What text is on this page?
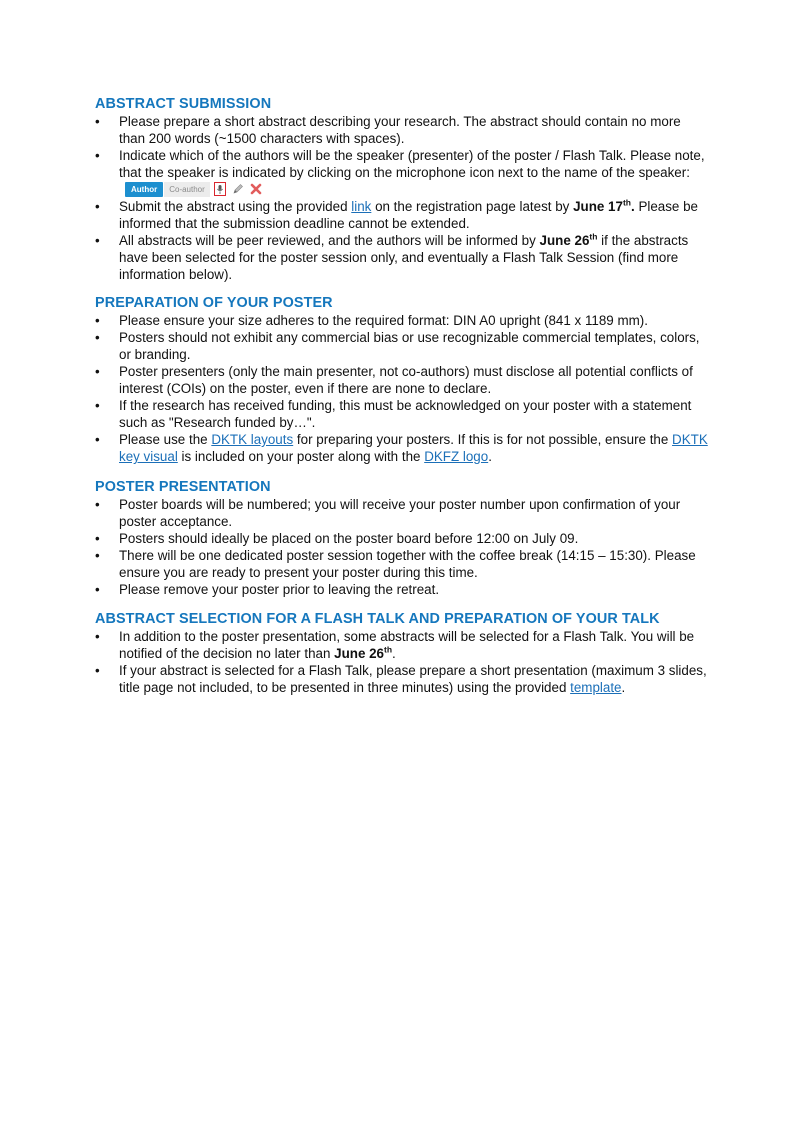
ABSTRACT SUBMISSION
•	Please prepare a short abstract describing your research. The abstract should contain no more than 200 words (~1500 characters with spaces).
•	Indicate which of the authors will be the speaker (presenter) of the poster / Flash Talk. Please note, that the speaker is indicated by clicking on the microphone icon next to the name of the speaker:
Author	Co-author
•	Submit the abstract using the provided link on the registration page latest by June 17th. Please be informed that the submission deadline cannot be extended.
•	All abstracts will be peer reviewed, and the authors will be informed by June 26th if the abstracts have been selected for the poster session only, and eventually a Flash Talk Session (find more information below).
PREPARATION OF YOUR POSTER
•	Please ensure your size adheres to the required format: DIN A0 upright (841 x 1189 mm).
•	Posters should not exhibit any commercial bias or use recognizable commercial templates, colors, or branding.
•	Poster presenters (only the main presenter, not co-authors) must disclose all potential conflicts of interest (COIs) on the poster, even if there are none to declare.
•	If the research has received funding, this must be acknowledged on your poster with a statement such as "Research funded by…".
•	Please use the DKTK layouts for preparing your posters. If this is for not possible, ensure the DKTK key visual is included on your poster along with the DKFZ logo.
POSTER PRESENTATION
•	Poster boards will be numbered; you will receive your poster number upon confirmation of your poster acceptance.
•	Posters should ideally be placed on the poster board before 12:00 on July 09.
•	There will be one dedicated poster session together with the coffee break (14:15 – 15:30). Please ensure you are ready to present your poster during this time.
•	Please remove your poster prior to leaving the retreat.
ABSTRACT SELECTION FOR A FLASH TALK AND PREPARATION OF YOUR TALK
•	In addition to the poster presentation, some abstracts will be selected for a Flash Talk. You will be notified of the decision no later than June 26th.
•	If your abstract is selected for a Flash Talk, please prepare a short presentation (maximum 3 slides, title page not included, to be presented in three minutes) using the provided template.
